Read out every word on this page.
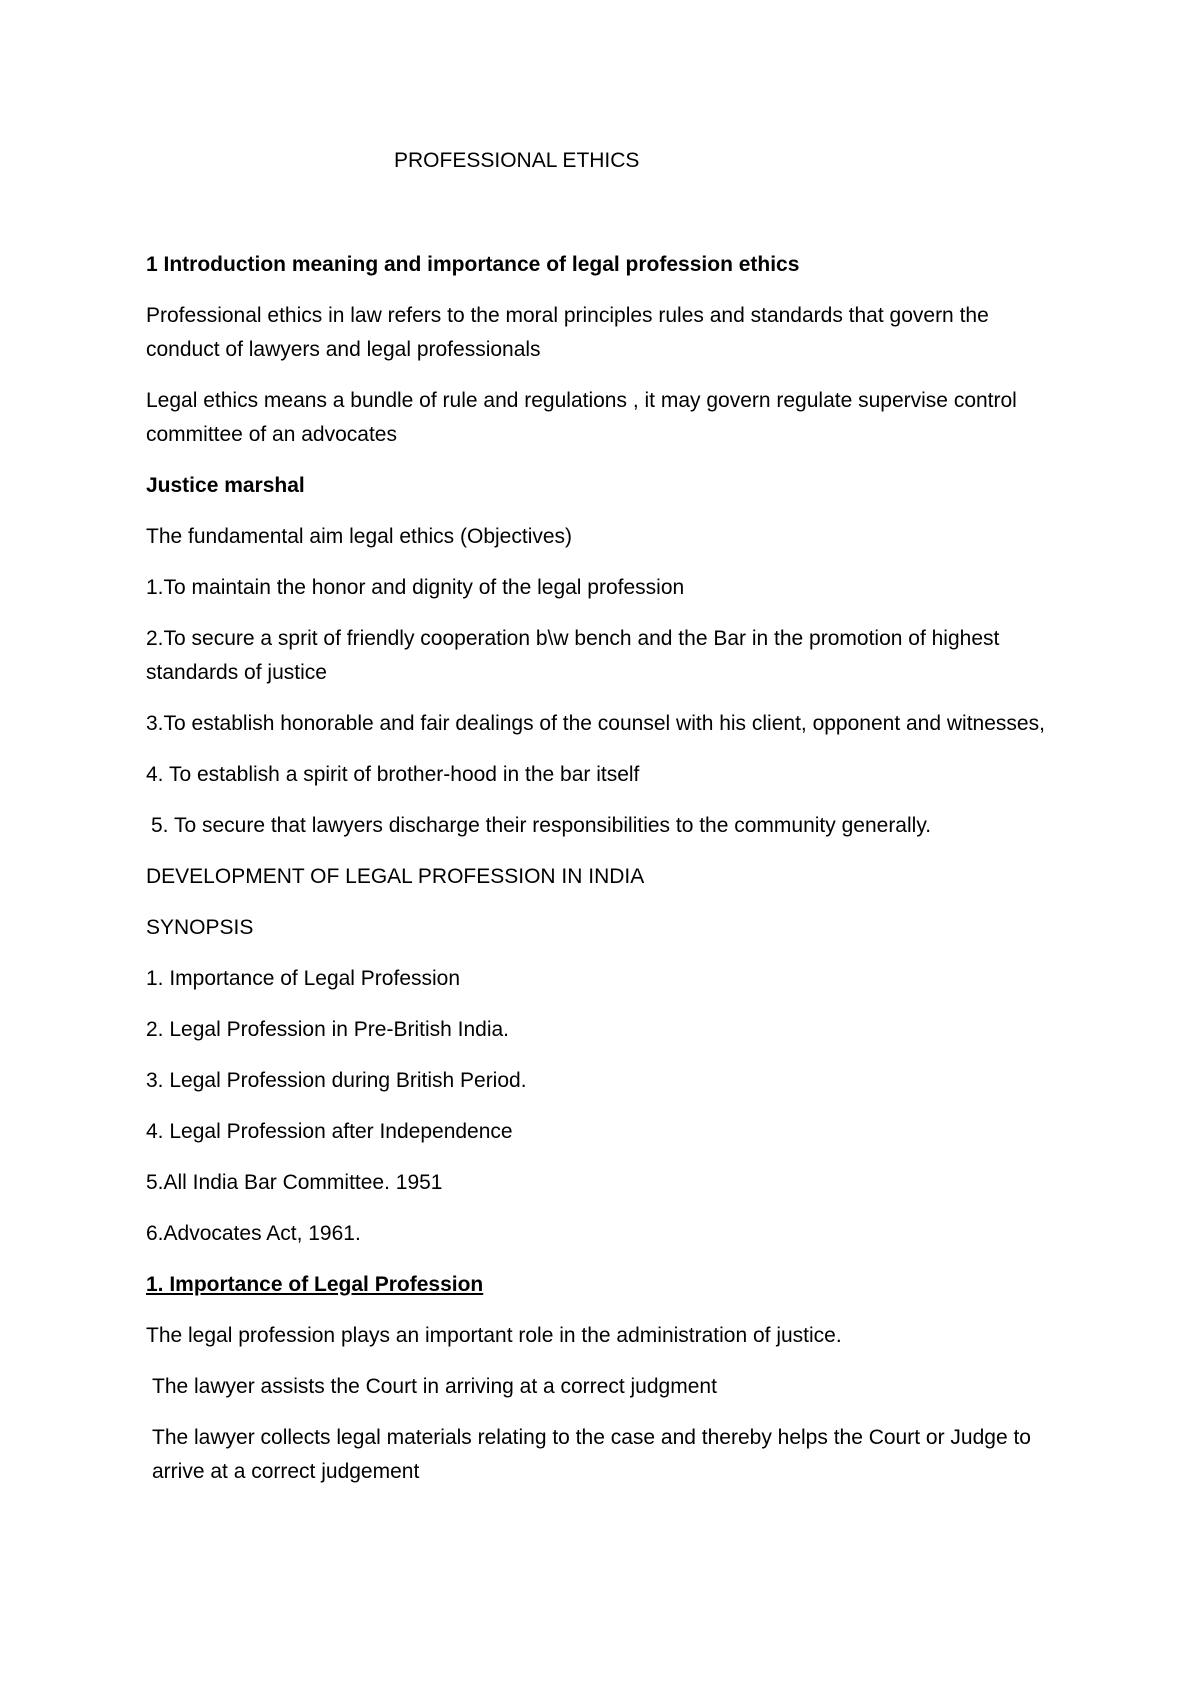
PROFESSIONAL ETHICS

1 Introduction meaning and importance of legal profession ethics

Professional ethics in law refers to the moral principles rules and standards that govern the conduct of lawyers and legal professionals

Legal ethics means a bundle of rule and regulations , it may govern regulate supervise control committee of an advocates

Justice marshal

The fundamental aim legal ethics (Objectives)

1.To maintain the honor and dignity of the legal profession

2.To secure a sprit of friendly cooperation b\w bench and the Bar in the promotion of highest standards of justice

3.To establish honorable and fair dealings of the counsel with his client, opponent and witnesses,

4. To establish a spirit of brother-hood in the bar itself

5. To secure that lawyers discharge their responsibilities to the community generally.

DEVELOPMENT OF LEGAL PROFESSION IN INDIA

SYNOPSIS

1. Importance of Legal Profession

2. Legal Profession in Pre-British India.

3. Legal Profession during British Period.

4. Legal Profession after Independence

5.All India Bar Committee. 1951

6.Advocates Act, 1961.

1. Importance of Legal Profession

The legal profession plays an important role in the administration of justice.

The lawyer assists the Court in arriving at a correct judgment

The lawyer collects legal materials relating to the case and thereby helps the Court or Judge to arrive at a correct judgement
